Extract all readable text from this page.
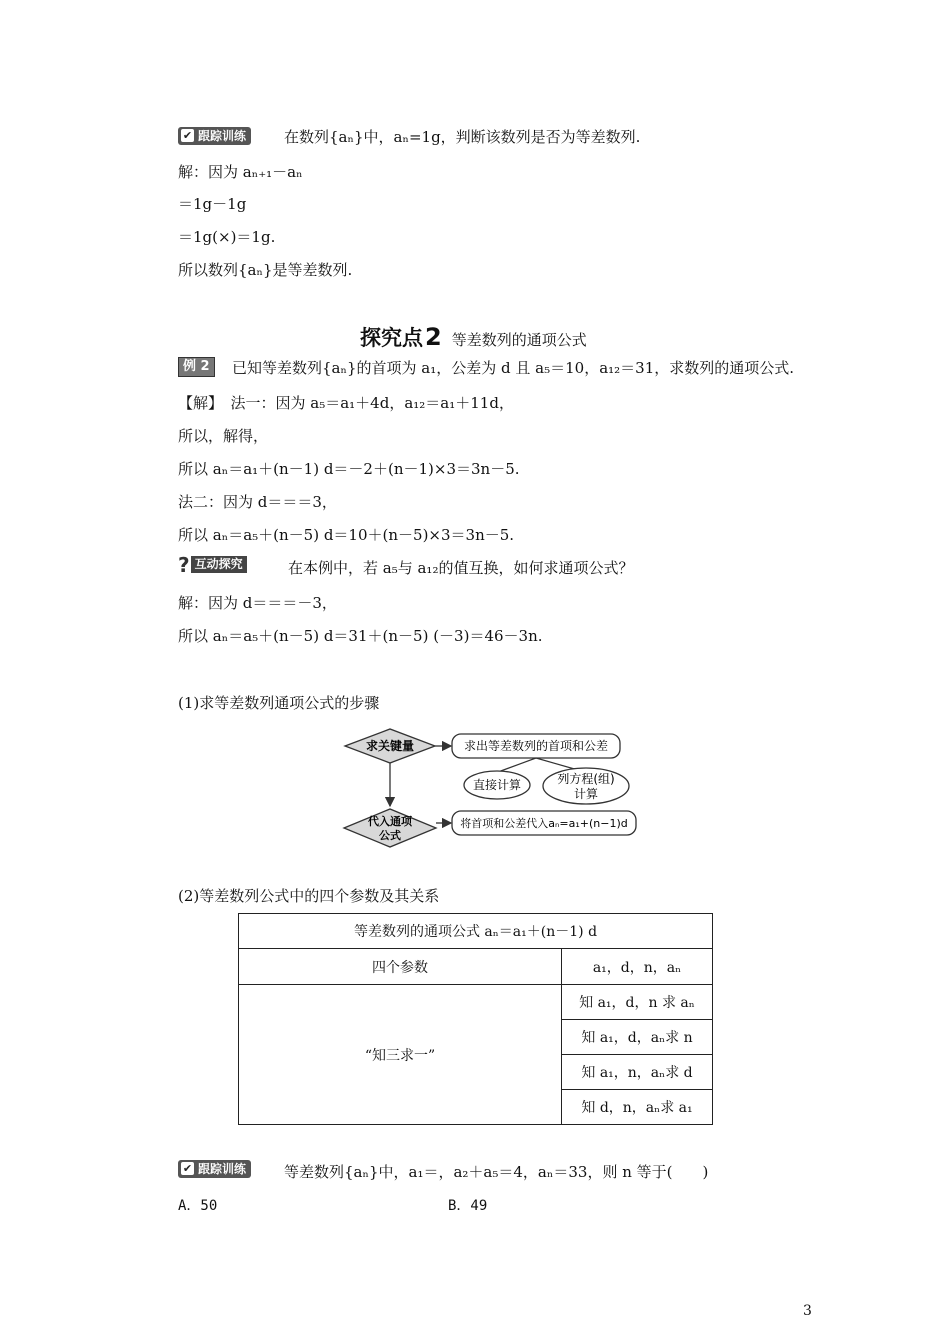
✔ 跟踪训练	在数列{aₙ}中，aₙ=1g，判断该数列是否为等差数列.
解：因为 aₙ₊₁－aₙ
＝1g－1g
＝1g(×)＝1g.
所以数列{aₙ}是等差数列.
探究点2 等差数列的通项公式
例 2	已知等差数列{aₙ}的首项为 a₁，公差为 d 且 a₅＝10，a₁₂＝31，求数列的通项公式.
【解】　法一：因为 a₅＝a₁＋4d，a₁₂＝a₁＋11d，
所以，解得，
所以 aₙ＝a₁＋(n－1) d＝－2＋(n－1)×3＝3n－5.
法二：因为 d＝＝＝3，
所以 aₙ＝a₅＋(n－5) d＝10＋(n－5)×3＝3n－5.
? 互动探究	在本例中，若 a₅与 a₁₂的值互换，如何求通项公式？
解：因为 d＝＝＝－3，
所以 aₙ＝a₅＋(n－5) d＝31＋(n－5) (－3)＝46－3n.
(1)求等差数列通项公式的步骤
求关键量	求出等差数列的首项和公差
直接计算	列方程(组)
计算
代入通项
公式
将首项和公差代入aₙ=a₁+(n−1)d
(2)等差数列公式中的四个参数及其关系
等差数列的通项公式 aₙ＝a₁＋(n－1) d	
四个参数	a₁，d，n，aₙ
“知三求一”	知 a₁，d，n 求 aₙ
	知 a₁，d，aₙ求 n
	知 a₁，n，aₙ求 d
	知 d，n，aₙ求 a₁
✔ 跟踪训练	等差数列{aₙ}中，a₁＝，a₂＋a₅＝4，aₙ＝33，则 n 等于(　　)
A．50	B．49
3
